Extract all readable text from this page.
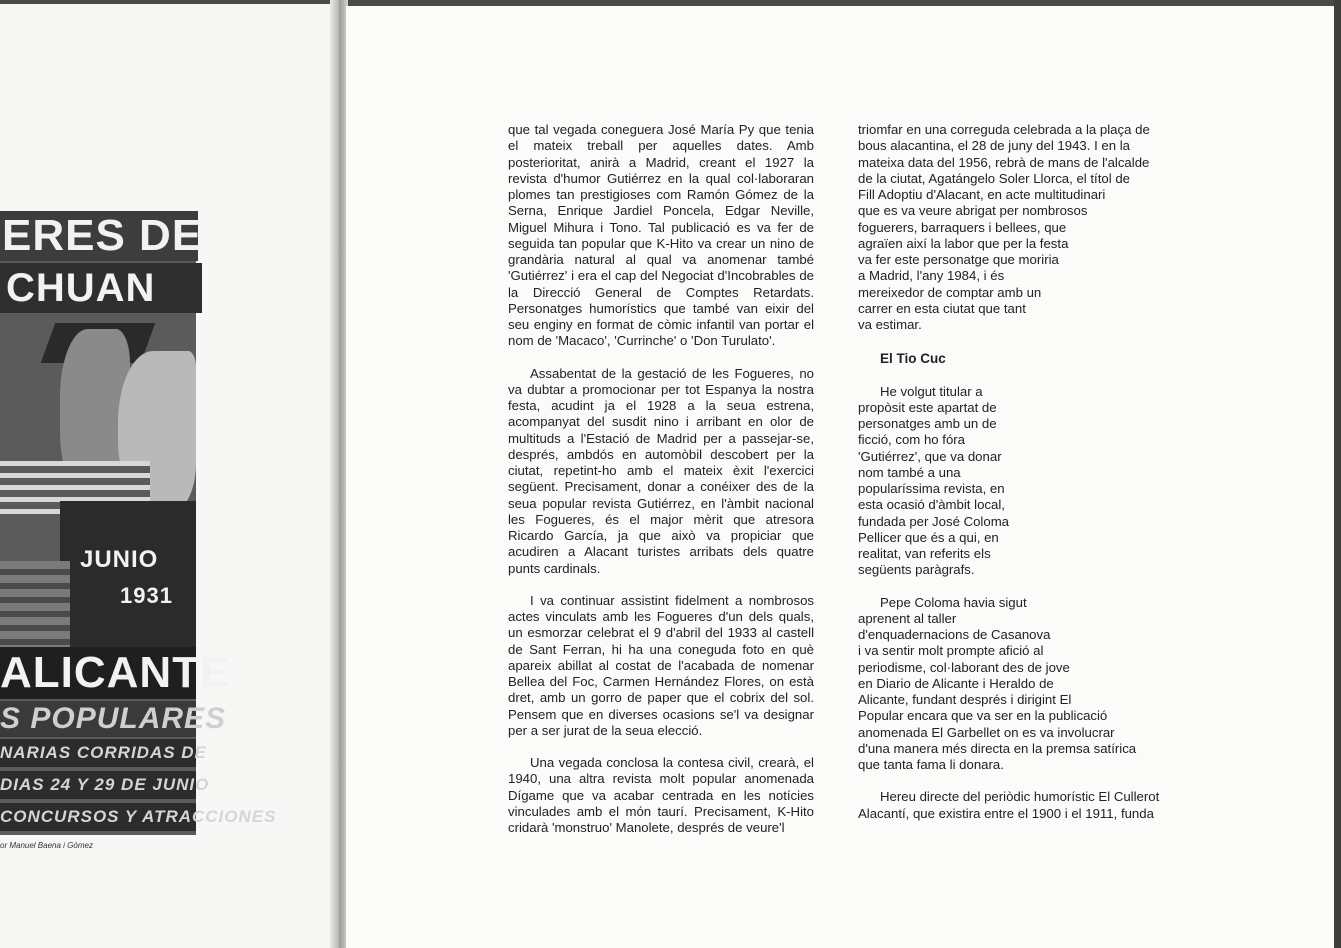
ERES DE
CHUAN
JUNIO
1931
ALICANTE
S POPULARES
NARIAS CORRIDAS DE
DIAS 24 Y 29 DE JUNIO
CONCURSOS Y ATRACCIONES
or Manuel Baena i Gómez

que tal vegada coneguera José María Py que tenia el mateix treball per aquelles dates. Amb posterioritat, anirà a Madrid, creant el 1927 la revista d'humor Gutiérrez en la qual col·laboraran plomes tan prestigioses com Ramón Gómez de la Serna, Enrique Jardiel Poncela, Edgar Neville, Miguel Mihura i Tono. Tal publicació es va fer de seguida tan popular que K-Hito va crear un nino de grandària natural al qual va anomenar també 'Gutiérrez' i era el cap del Negociat d'Incobrables de la Direcció General de Comptes Retardats. Personatges humorístics que també van eixir del seu enginy en format de còmic infantil van portar el nom de 'Macaco', 'Currinche' o 'Don Turulato'.

Assabentat de la gestació de les Fogueres, no va dubtar a promocionar per tot Espanya la nostra festa, acudint ja el 1928 a la seua estrena, acompanyat del susdit nino i arribant en olor de multituds a l'Estació de Madrid per a passejar-se, després, ambdós en automòbil descobert per la ciutat, repetint-ho amb el mateix èxit l'exercici següent. Precisament, donar a conéixer des de la seua popular revista Gutiérrez, en l'àmbit nacional les Fogueres, és el major mèrit que atresora Ricardo García, ja que això va propiciar que acudiren a Alacant turistes arribats dels quatre punts cardinals.

I va continuar assistint fidelment a nombrosos actes vinculats amb les Fogueres d'un dels quals, un esmorzar celebrat el 9 d'abril del 1933 al castell de Sant Ferran, hi ha una coneguda foto en què apareix abillat al costat de l'acabada de nomenar Bellea del Foc, Carmen Hernández Flores, on està dret, amb un gorro de paper que el cobrix del sol. Pensem que en diverses ocasions se'l va designar per a ser jurat de la seua elecció.

Una vegada conclosa la contesa civil, crearà, el 1940, una altra revista molt popular anomenada Dígame que va acabar centrada en les notícies vinculades amb el món taurí. Precisament, K-Hito cridarà 'monstruo' Manolete, després de veure'l

triomfar en una correguda celebrada a la plaça de
bous alacantina, el 28 de juny del 1943. I en la
mateixa data del 1956, rebrà de mans de l'alcalde
de la ciutat, Agatángelo Soler Llorca, el títol de
Fill Adoptiu d'Alacant, en acte multitudinari
que es va veure abrigat per nombrosos
foguerers, barraquers i bellees, que
agraïen així la labor que per la festa
va fer este personatge que moriria
a Madrid, l'any 1984, i és
mereixedor de comptar amb un
carrer en esta ciutat que tant
va estimar.

El Tio Cuc

He volgut titular a
propòsit este apartat de
personatges amb un de
ficció, com ho fóra
'Gutiérrez', que va donar
nom també a una
popularíssima revista, en
esta ocasió d'àmbit local,
fundada per José Coloma
Pellicer que és a qui, en
realitat, van referits els
següents paràgrafs.

Pepe Coloma havia sigut
aprenent al taller
d'enquadernacions de Casanova
i va sentir molt prompte afició al
periodisme, col·laborant des de jove
en Diario de Alicante i Heraldo de
Alicante, fundant després i dirigint El
Popular encara que va ser en la publicació
anomenada El Garbellet on es va involucrar
d'una manera més directa en la premsa satírica
que tanta fama li donara.

Hereu directe del periòdic humorístic El Cullerot
Alacantí, que existira entre el 1900 i el 1911, funda
